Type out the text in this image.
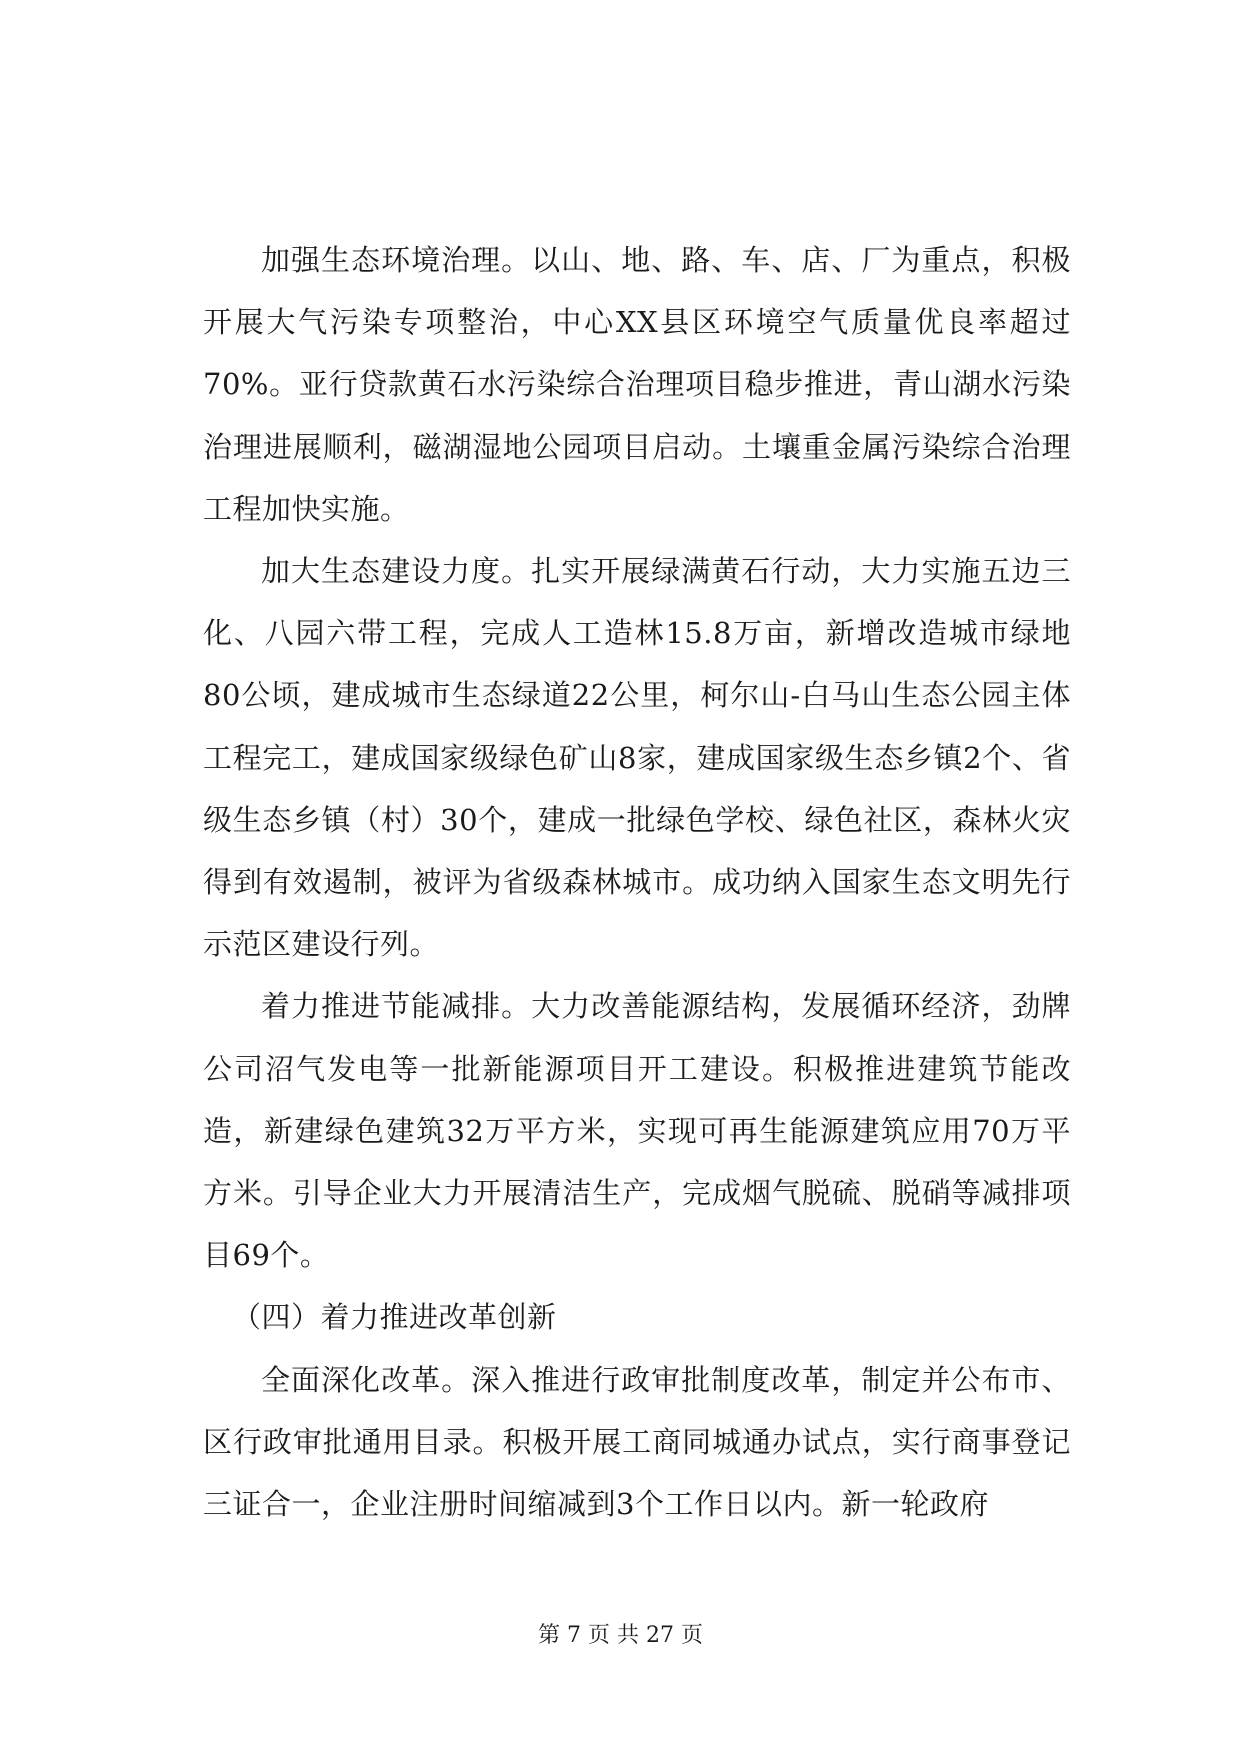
加强生态环境治理。以山、地、路、车、店、厂为重点，积极开展大气污染专项整治，中心XX县区环境空气质量优良率超过70%。亚行贷款黄石水污染综合治理项目稳步推进，青山湖水污染治理进展顺利，磁湖湿地公园项目启动。土壤重金属污染综合治理工程加快实施。

加大生态建设力度。扎实开展绿满黄石行动，大力实施五边三化、八园六带工程，完成人工造林15.8万亩，新增改造城市绿地80公顷，建成城市生态绿道22公里，柯尔山-白马山生态公园主体工程完工，建成国家级绿色矿山8家，建成国家级生态乡镇2个、省级生态乡镇（村）30个，建成一批绿色学校、绿色社区，森林火灾得到有效遏制，被评为省级森林城市。成功纳入国家生态文明先行示范区建设行列。

着力推进节能减排。大力改善能源结构，发展循环经济，劲牌公司沼气发电等一批新能源项目开工建设。积极推进建筑节能改造，新建绿色建筑32万平方米，实现可再生能源建筑应用70万平方米。引导企业大力开展清洁生产，完成烟气脱硫、脱硝等减排项目69个。

（四）着力推进改革创新

全面深化改革。深入推进行政审批制度改革，制定并公布市、区行政审批通用目录。积极开展工商同城通办试点，实行商事登记三证合一，企业注册时间缩减到3个工作日以内。新一轮政府

第 7 页 共 27 页
